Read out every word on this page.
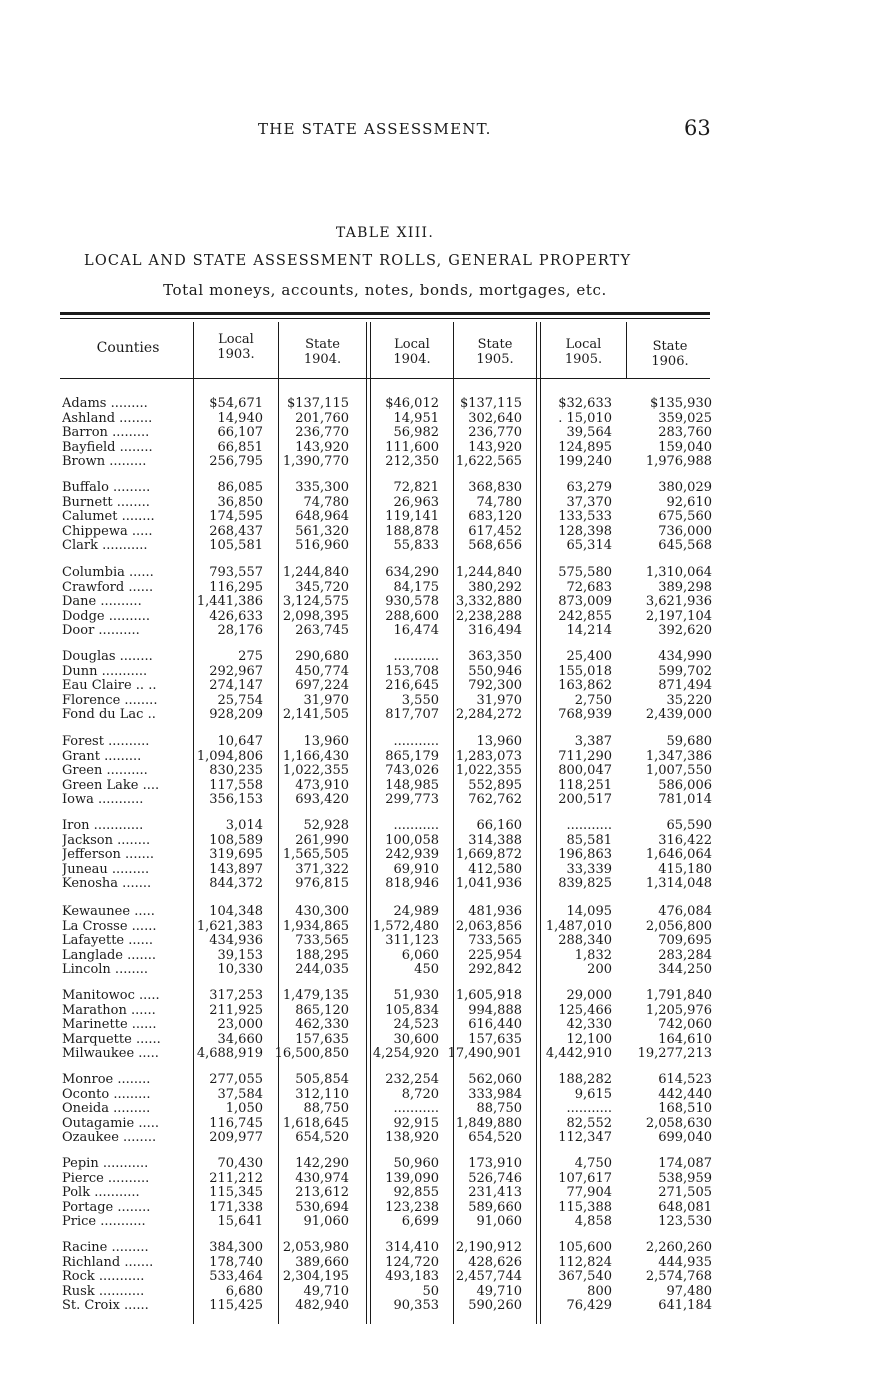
THE STATE ASSESSMENT.	63
TABLE XIII.
LOCAL AND STATE ASSESSMENT ROLLS, GENERAL PROPERTY
Total moneys, accounts, notes, bonds, mortgages, etc.
Counties
Local
1903.
State
1904.
Local
1904.
State
1905.
Local
1905.
State
1906.
Adams .........	$54,671 $137,115	$46,012 $137,115	$32,633	$135,930
Ashland ........	14,940 201,760	14,951 302,640	. 15,010	359,025
Barron .........	66,107 236,770	56,982 236,770	39,564	283,760
Bayfield ........	66,851 143,920	111,600 143,920	124,895	159,040
Brown .........	256,795 1,390,770	212,350 1,622,565	199,240	1,976,988
Buffalo .........	86,085 335,300	72,821 368,830	63,279	380,029
Burnett ........	36,850	74,780	26,963	74,780	37,370	92,610
Calumet ........	174,595 648,964	119,141 683,120	133,533	675,560
Chippewa .....	268,437 561,320	188,878 617,452	128,398	736,000
Clark ...........	105,581 516,960	55,833 568,656	65,314	645,568
Columbia ......	793,557 1,244,840	634,290 1,244,840	575,580	1,310,064
Crawford ......	116,295 345,720	84,175 380,292	72,683	389,298
Dane ..........	1,441,386 3,124,575	930,578 3,332,880	873,009	3,621,936
Dodge ..........	426,633 2,098,395	288,600 2,238,288	242,855	2,197,104
Door ..........	28,176 263,745	16,474 316,494	14,214	392,620
Douglas ........	275 290,680	........... 363,350	25,400	434,990
Dunn ...........	292,967 450,774	153,708 550,946	155,018	599,702
Eau Claire .. ..	274,147 697,224	216,645 792,300	163,862	871,494
Florence ........	25,754	31,970	3,550	31,970	2,750	35,220
Fond du Lac ..	928,209 2,141,505	817,707 2,284,272	768,939	2,439,000
Forest ..........	10,647	13,960	...........	13,960	3,387	59,680
Grant .........	1,094,806 1,166,430	865,179 1,283,073	711,290	1,347,386
Green ..........	830,235 1,022,355	743,026 1,022,355	800,047	1,007,550
Green Lake ....	117,558 473,910	148,985 552,895	118,251	586,006
Iowa ...........	356,153 693,420	299,773 762,762	200,517	781,014
Iron ............	3,014	52,928	...........	66,160	...........	65,590
Jackson ........	108,589 261,990	100,058 314,388	85,581	316,422
Jefferson .......	319,695 1,565,505	242,939 1,669,872	196,863	1,646,064
Juneau .........	143,897 371,322	69,910 412,580	33,339	415,180
Kenosha .......	844,372 976,815	818,946 1,041,936	839,825	1,314,048
Kewaunee .....	104,348 430,300	24,989 481,936	14,095	476,084
La Crosse ......	1,621,383 1,934,865 1,572,480 2,063,856 1,487,010	2,056,800
Lafayette ......	434,936 733,565	311,123 733,565	288,340	709,695
Langlade .......	39,153 188,295	6,060 225,954	1,832	283,284
Lincoln ........	10,330 244,035	450 292,842	200	344,250
Manitowoc .....	317,253 1,479,135	51,930 1,605,918	29,000	1,791,840
Marathon ......	211,925 865,120	105,834 994,888	125,466	1,205,976
Marinette ......	23,000 462,330	24,523 616,440	42,330	742,060
Marquette ......	34,660 157,635	30,600 157,635	12,100	164,610
Milwaukee .....	4,688,919 16,500,850 4,254,920 17,490,901 4,442,910 19,277,213
Monroe ........	277,055 505,854	232,254 562,060	188,282	614,523
Oconto .........	37,584 312,110	8,720 333,984	9,615	442,440
Oneida .........	1,050	88,750	...........	88,750	...........	168,510
Outagamie .....	116,745 1,618,645	92,915 1,849,880	82,552	2,058,630
Ozaukee ........	209,977 654,520	138,920 654,520	112,347	699,040
Pepin ...........	70,430 142,290	50,960 173,910	4,750	174,087
Pierce ..........	211,212 430,974	139,090 526,746	107,617	538,959
Polk ...........	115,345 213,612	92,855 231,413	77,904	271,505
Portage ........	171,338 530,694	123,238 589,660	115,388	648,081
Price ...........	15,641	91,060	6,699	91,060	4,858	123,530
Racine .........	384,300 2,053,980	314,410 2,190,912	105,600	2,260,260
Richland .......	178,740 389,660	124,720 428,626	112,824	444,935
Rock ...........	533,464 2,304,195	493,183 2,457,744	367,540	2,574,768
Rusk ...........	6,680	49,710	50	49,710	800	97,480
St. Croix ......	115,425 482,940	90,353 590,260	76,429	641,184
